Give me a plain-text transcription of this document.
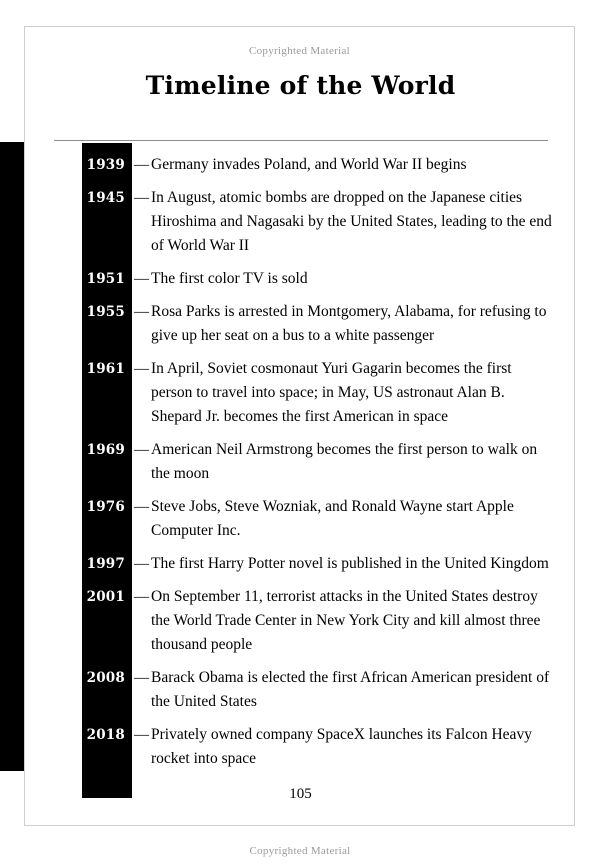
Copyrighted Material
Timeline of the World
1939 — Germany invades Poland, and World War II begins
1945 — In August, atomic bombs are dropped on the Japanese cities Hiroshima and Nagasaki by the United States, leading to the end of World War II
1951 — The first color TV is sold
1955 — Rosa Parks is arrested in Montgomery, Alabama, for refusing to give up her seat on a bus to a white passenger
1961 — In April, Soviet cosmonaut Yuri Gagarin becomes the first person to travel into space; in May, US astronaut Alan B. Shepard Jr. becomes the first American in space
1969 — American Neil Armstrong becomes the first person to walk on the moon
1976 — Steve Jobs, Steve Wozniak, and Ronald Wayne start Apple Computer Inc.
1997 — The first Harry Potter novel is published in the United Kingdom
2001 — On September 11, terrorist attacks in the United States destroy the World Trade Center in New York City and kill almost three thousand people
2008 — Barack Obama is elected the first African American president of the United States
2018 — Privately owned company SpaceX launches its Falcon Heavy rocket into space
105
Copyrighted Material
